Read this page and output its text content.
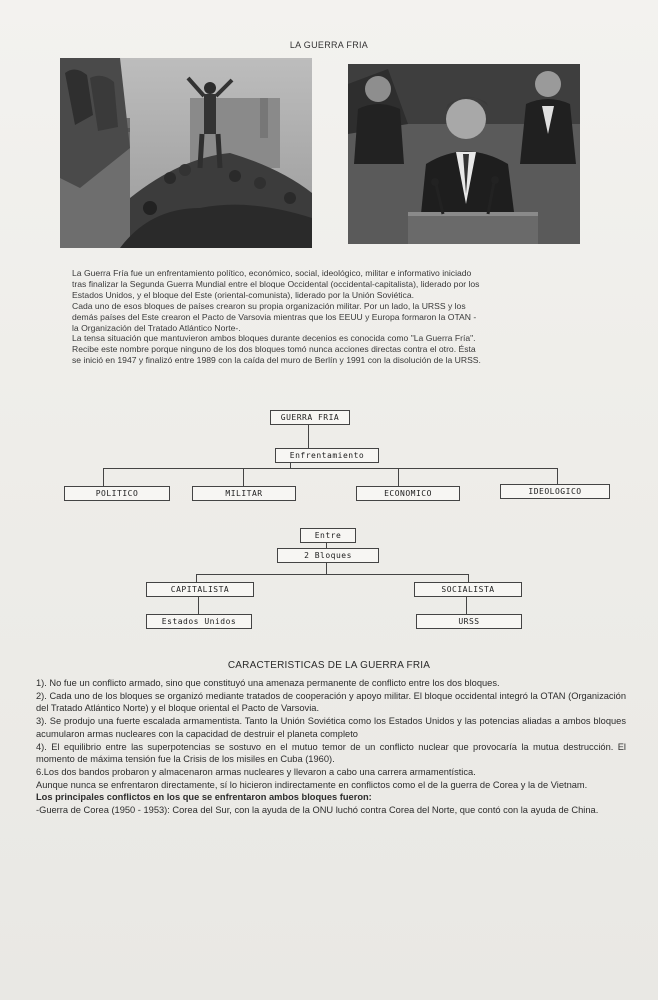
LA GUERRA FRIA

La Guerra Fría fue un enfrentamiento político, económico, social, ideológico, militar e informativo iniciado

tras finalizar la Segunda Guerra Mundial entre el bloque Occidental (occidental-capitalista), liderado por los

Estados Unidos, y el bloque del Este (oriental-comunista), liderado por la Unión Soviética.

Cada uno de esos bloques de países crearon su propia organización militar. Por un lado, la URSS y los

demás países del Este crearon el Pacto de Varsovia mientras que los EEUU y Europa formaron la OTAN -

la Organización del Tratado Atlántico Norte-.

La tensa situación que mantuvieron ambos bloques durante decenios es conocida como "La Guerra Fría".

Recibe este nombre porque ninguno de los dos bloques tomó nunca acciones directas contra el otro. Ésta

se inició en 1947 y finalizó entre 1989 con la caída del muro de Berlín y 1991 con la disolución de la URSS.

GUERRA FRIA
Enfrentamiento
POLITICO	MILITAR	ECONOMICO	IDEOLOGICO
Entre
2 Bloques
CAPITALISTA	SOCIALISTA
Estados Unidos	URSS
CARACTERISTICAS DE LA GUERRA FRIA

1). No fue un conflicto armado, sino que constituyó una amenaza permanente de conflicto entre los dos bloques.

2). Cada uno de los bloques se organizó mediante tratados de cooperación y apoyo militar. El bloque occidental integró la OTAN (Organización del Tratado Atlántico Norte) y el bloque oriental el Pacto de Varsovia.

3). Se produjo una fuerte escalada armamentista. Tanto la Unión Soviética como los Estados Unidos y las potencias aliadas a ambos bloques acumularon armas nucleares con la capacidad de destruir el planeta completo

4). El equilibrio entre las superpotencias se sostuvo en el mutuo temor de un conflicto nuclear que provocaría la mutua destrucción. El momento de máxima tensión fue la Crisis de los misiles en Cuba (1960).

6.Los dos bandos probaron y almacenaron armas nucleares y llevaron a cabo una carrera armamentística.

Aunque nunca se enfrentaron directamente, sí lo hicieron indirectamente en conflictos como el de la guerra de Corea y la de Vietnam.

Los principales conflictos en los que se enfrentaron ambos bloques fueron:

-Guerra de Corea (1950 - 1953): Corea del Sur, con la ayuda de la ONU luchó contra Corea del Norte, que contó con la ayuda de China.
